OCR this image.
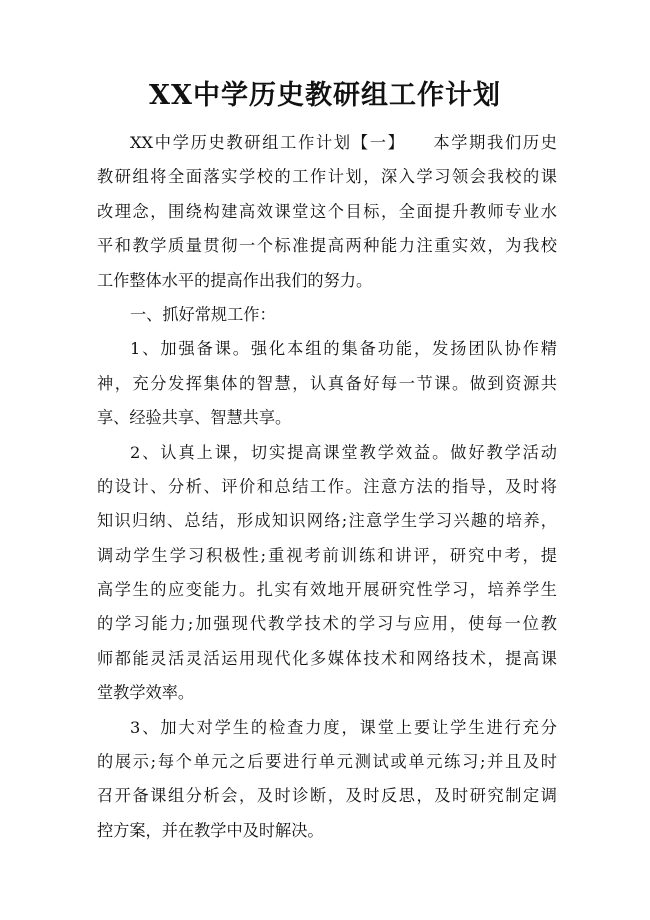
XX中学历史教研组工作计划
XX中学历史教研组工作计划【一】　　本学期我们历史
教研组将全面落实学校的工作计划，深入学习领会我校的课
改理念，围绕构建高效课堂这个目标，全面提升教师专业水
平和教学质量贯彻一个标准提高两种能力注重实效，为我校
工作整体水平的提高作出我们的努力。
一、抓好常规工作：
1、加强备课。强化本组的集备功能，发扬团队协作精
神，充分发挥集体的智慧，认真备好每一节课。做到资源共
享、经验共享、智慧共享。
2、认真上课，切实提高课堂教学效益。做好教学活动
的设计、分析、评价和总结工作。注意方法的指导，及时将
知识归纳、总结，形成知识网络;注意学生学习兴趣的培养，
调动学生学习积极性;重视考前训练和讲评，研究中考，提
高学生的应变能力。扎实有效地开展研究性学习，培养学生
的学习能力;加强现代教学技术的学习与应用，使每一位教
师都能灵活灵活运用现代化多媒体技术和网络技术，提高课
堂教学效率。
3、加大对学生的检查力度，课堂上要让学生进行充分
的展示;每个单元之后要进行单元测试或单元练习;并且及时
召开备课组分析会，及时诊断，及时反思，及时研究制定调
控方案，并在教学中及时解决。
